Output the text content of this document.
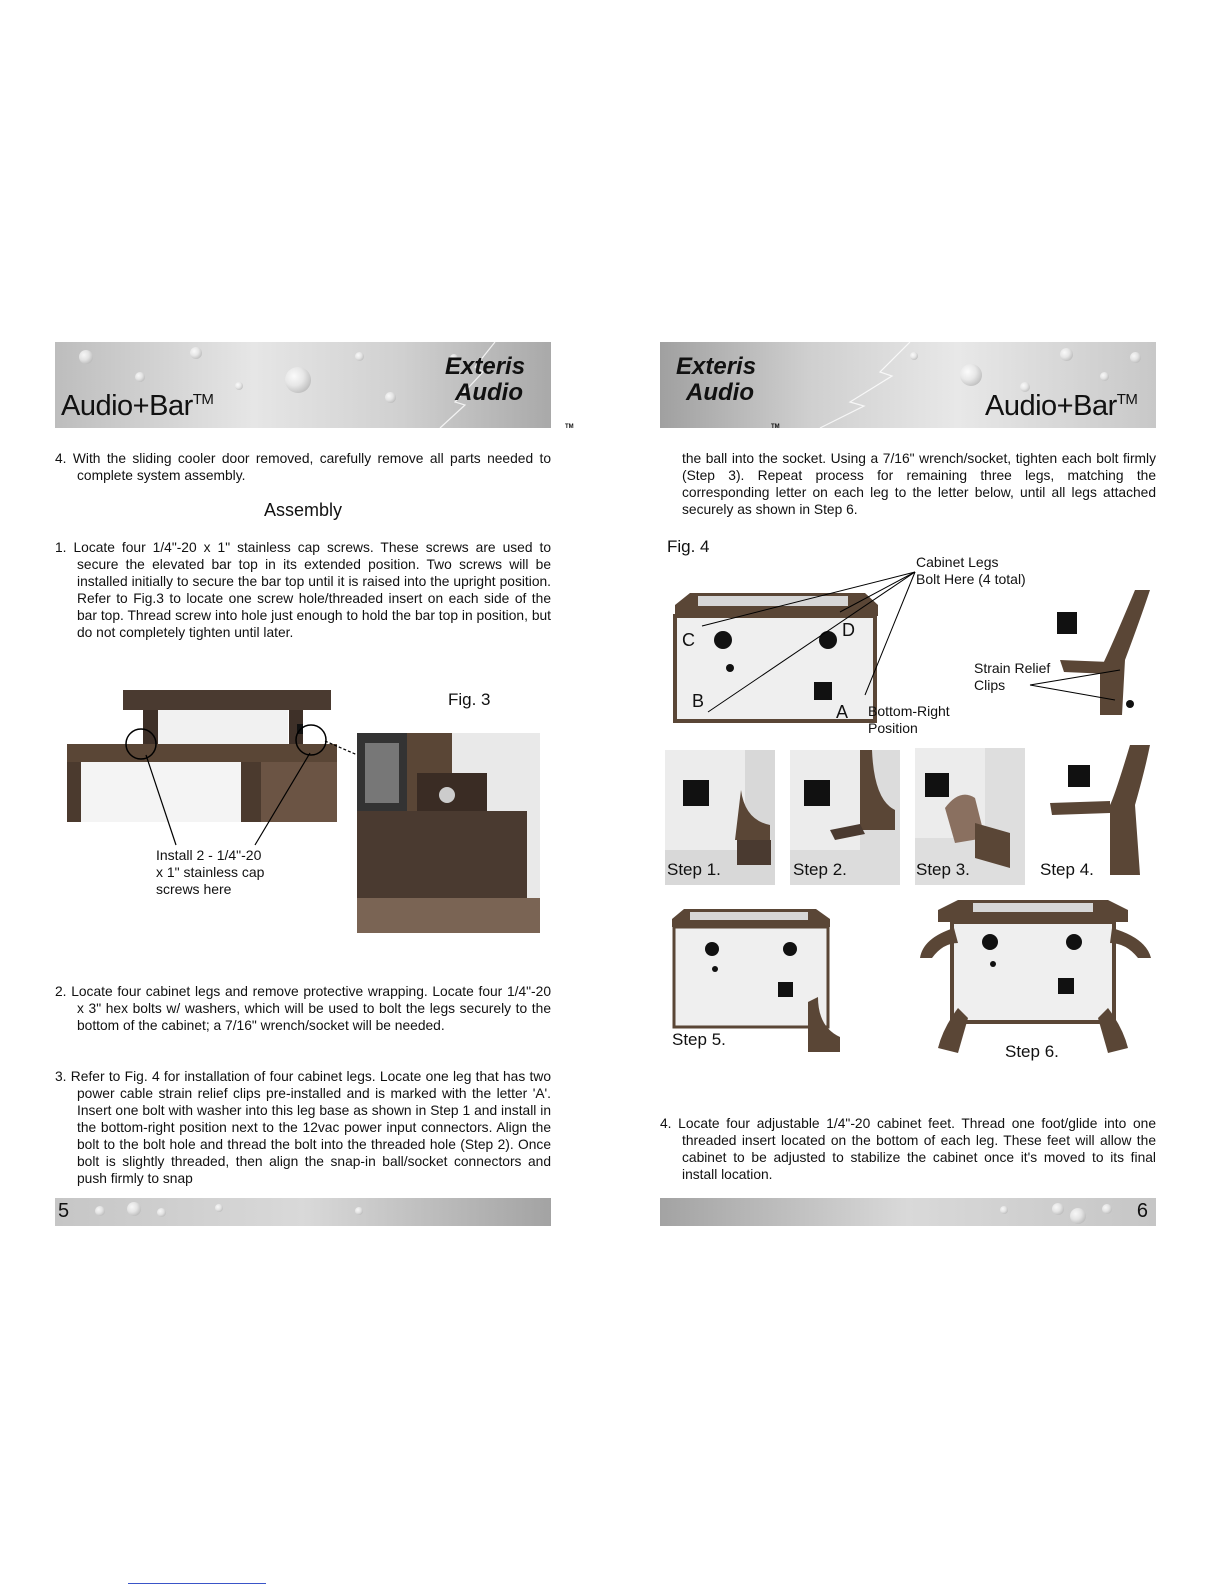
Audio+Bar™
Exteris
Audio
TM

4. With the sliding cooler door removed, carefully remove all parts needed to complete system assembly.

Assembly

1. Locate four 1/4"-20 x 1" stainless cap screws. These screws are used to secure the elevated bar top in its extended position. Two screws will be installed initially to secure the bar top until it is raised into the upright position. Refer to Fig.3 to locate one screw hole/threaded insert on each side of the bar top. Thread screw into hole just enough to hold the bar top in position, but do not completely tighten until later.

Fig. 3
Install 2 - 1/4"-20
x 1" stainless cap
screws here

2. Locate four cabinet legs and remove protective wrapping. Locate four 1/4"-20 x 3" hex bolts w/ washers, which will be used to bolt the legs securely to the bottom of the cabinet; a 7/16" wrench/socket will be needed.

3. Refer to Fig. 4 for installation of four cabinet legs. Locate one leg that has two power cable strain relief clips pre-installed and is marked with the letter 'A'. Insert one bolt with washer into this leg base as shown in Step 1 and install in the bottom-right position next to the 12vac power input connectors. Align the bolt to the bolt hole and thread the bolt into the threaded hole (Step 2). Once bolt is slightly threaded, then align the snap-in ball/socket connectors and push firmly to snap

5
Exteris
Audio
TM
Audio+Bar™

the ball into the socket. Using a 7/16" wrench/socket, tighten each bolt firmly (Step 3). Repeat process for remaining three legs, matching the corresponding letter on each leg to the letter below, until all legs attached securely as shown in Step 6.

Fig. 4
Cabinet Legs
Bolt Here (4 total)
C	D
B
A Bottom-Right
Position
Strain Relief
Clips
Step 1.	Step 2.	Step 3.	Step 4.
Step 5.
Step 6.

4. Locate four adjustable 1/4"-20 cabinet feet. Thread one foot/glide into one threaded insert located on the bottom of each leg. These feet will allow the cabinet to be adjusted to stabilize the cabinet once it's moved to its final install location.

6
